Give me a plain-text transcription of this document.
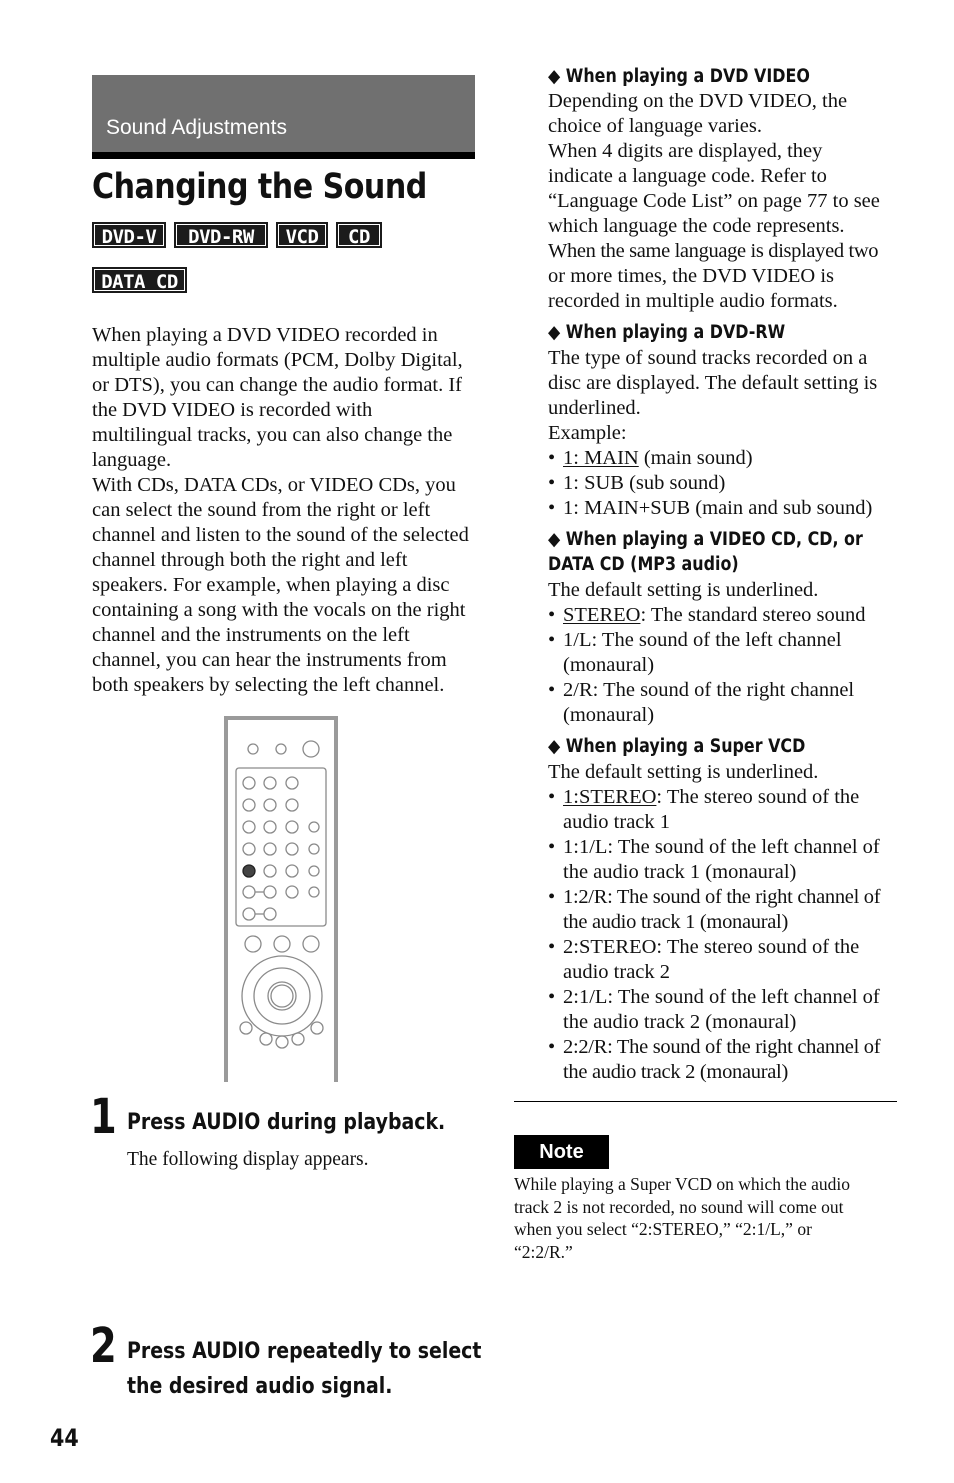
Sound Adjustments
Changing the Sound
DVD-V	DVD-RW	VCD	CD
DATA CD

When playing a DVD VIDEO recorded in

multiple audio formats (PCM, Dolby Digital,

or DTS), you can change the audio format. If

the DVD VIDEO is recorded with

multilingual tracks, you can also change the

language.

With CDs, DATA CDs, or VIDEO CDs, you

can select the sound from the right or left

channel and listen to the sound of the selected

channel through both the right and left

speakers. For example, when playing a disc

containing a song with the vocals on the right

channel and the instruments on the left

channel, you can hear the instruments from

both speakers by selecting the left channel.

1 Press AUDIO during playback.
The following display appears.
2 Press AUDIO repeatedly to select
the desired audio signal.
44
◆ When playing a DVD VIDEO

Depending on the DVD VIDEO, the

choice of language varies.

When 4 digits are displayed, they

indicate a language code. Refer to

“Language Code List” on page 77 to see

which language the code represents.

When the same language is displayed two

or more times, the DVD VIDEO is

recorded in multiple audio formats.

◆ When playing a DVD-RW

The type of sound tracks recorded on a

disc are displayed. The default setting is

underlined.

Example:

• 1: MAIN (main sound)
• 1: SUB (sub sound)
• 1: MAIN+SUB (main and sub sound)
◆ When playing a VIDEO CD, CD, or
DATA CD (MP3 audio)

The default setting is underlined.

• STEREO: The standard stereo sound
• 1/L: The sound of the left channel
(monaural)
• 2/R: The sound of the right channel
(monaural)
◆ When playing a Super VCD

The default setting is underlined.

• 1:STEREO: The stereo sound of the
audio track 1
• 1:1/L: The sound of the left channel of
the audio track 1 (monaural)
• 1:2/R: The sound of the right channel of
the audio track 1 (monaural)
• 2:STEREO: The stereo sound of the
audio track 2
• 2:1/L: The sound of the left channel of
the audio track 2 (monaural)
• 2:2/R: The sound of the right channel of
the audio track 2 (monaural)
Note
While playing a Super VCD on which the audio
track 2 is not recorded, no sound will come out
when you select “2:STEREO,” “2:1/L,” or
“2:2/R.”
